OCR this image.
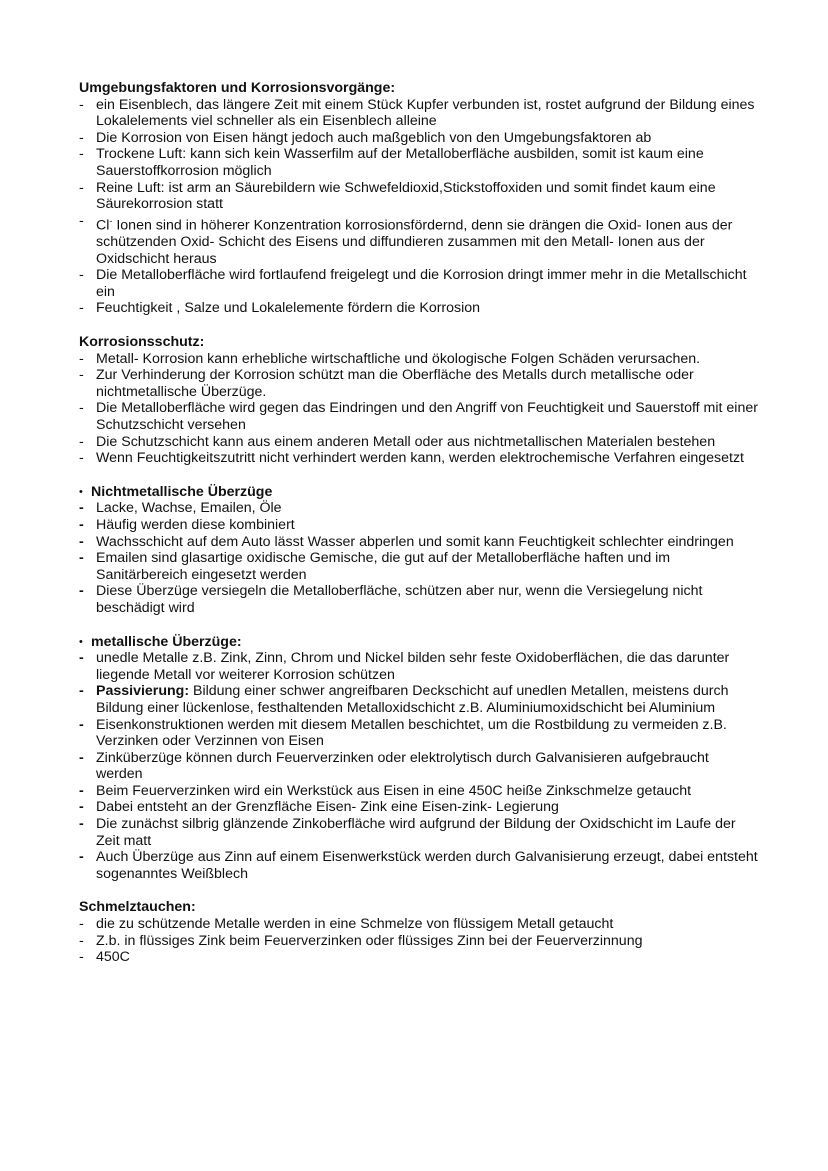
Umgebungsfaktoren und Korrosionsvorgänge:
- ein Eisenblech, das längere Zeit mit einem Stück Kupfer verbunden ist, rostet aufgrund der Bildung eines Lokalelements viel schneller als ein Eisenblech alleine
- Die Korrosion von Eisen hängt jedoch auch maßgeblich von den Umgebungsfaktoren ab
- Trockene Luft: kann sich kein Wasserfilm auf der Metalloberfläche ausbilden, somit ist kaum eine Sauerstoffkorrosion möglich
- Reine Luft: ist arm an Säurebildern wie Schwefeldioxid,Stickstoffoxiden und somit findet kaum eine Säurekorrosion statt
- Cl- Ionen sind in höherer Konzentration korrosionsfördernd, denn sie drängen die Oxid- Ionen aus der schützenden Oxid- Schicht des Eisens und diffundieren zusammen mit den Metall- Ionen aus der Oxidschicht heraus
- Die Metalloberfläche wird fortlaufend freigelegt und die Korrosion dringt immer mehr in die Metallschicht ein
- Feuchtigkeit , Salze und Lokalelemente fördern die Korrosion
Korrosionsschutz:
- Metall- Korrosion kann erhebliche wirtschaftliche und ökologische Folgen Schäden verursachen.
- Zur Verhinderung der Korrosion schützt man die Oberfläche des Metalls durch metallische oder nichtmetallische Überzüge.
- Die Metalloberfläche wird gegen das Eindringen und den Angriff von Feuchtigkeit und Sauerstoff mit einer Schutzschicht versehen
- Die Schutzschicht kann aus einem anderen Metall oder aus nichtmetallischen Materialen bestehen
- Wenn Feuchtigkeitszutritt nicht verhindert werden kann, werden elektrochemische Verfahren eingesetzt
• Nichtmetallische Überzüge
- Lacke, Wachse, Emailen, Öle
- Häufig werden diese kombiniert
- Wachsschicht auf dem Auto lässt Wasser abperlen und somit kann Feuchtigkeit schlechter eindringen
- Emailen sind glasartige oxidische Gemische, die gut auf der Metalloberfläche haften und im Sanitärbereich eingesetzt werden
- Diese Überzüge versiegeln die Metalloberfläche, schützen aber nur, wenn die Versiegelung nicht beschädigt wird
• metallische Überzüge:
- unedle Metalle z.B. Zink, Zinn, Chrom und Nickel bilden sehr feste Oxidoberflächen, die das darunter liegende Metall vor weiterer Korrosion schützen
- Passivierung: Bildung einer schwer angreifbaren Deckschicht auf unedlen Metallen, meistens durch Bildung einer lückenlose, festhaltenden Metalloxidschicht z.B. Aluminiumoxidschicht bei Aluminium
- Eisenkonstruktionen werden mit diesem Metallen beschichtet, um die Rostbildung zu vermeiden z.B. Verzinken oder Verzinnen von Eisen
- Zinküberzüge können durch Feuerverzinken oder elektrolytisch durch Galvanisieren aufgebraucht werden
- Beim Feuerverzinken wird ein Werkstück aus Eisen in eine 450C heiße Zinkschmelze getaucht
- Dabei entsteht an der Grenzfläche Eisen- Zink eine Eisen-zink- Legierung
- Die zunächst silbrig glänzende Zinkoberfläche wird aufgrund der Bildung der Oxidschicht im Laufe der Zeit matt
- Auch Überzüge aus Zinn auf einem Eisenwerkstück werden durch Galvanisierung erzeugt, dabei entsteht sogenanntes Weißblech
Schmelztauchen:
- die zu schützende Metalle werden in eine Schmelze von flüssigem Metall getaucht
- Z.b. in flüssiges Zink beim Feuerverzinken oder flüssiges Zinn bei der Feuerverzinnung
- 450C
